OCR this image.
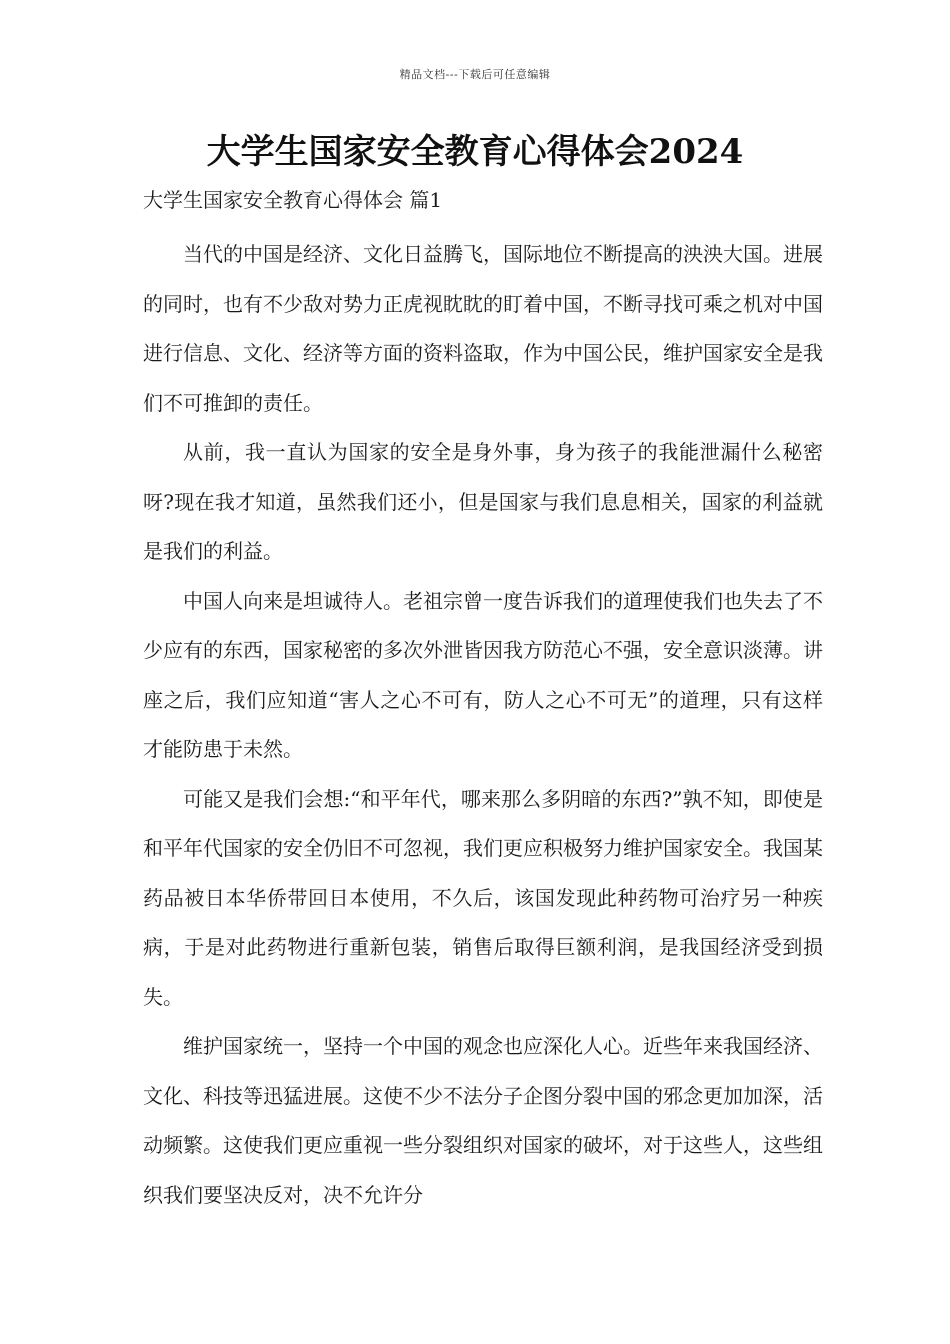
精品文档---下载后可任意编辑
大学生国家安全教育心得体会2024
大学生国家安全教育心得体会 篇1

当代的中国是经济、文化日益腾飞，国际地位不断提高的泱泱大国。进展的同时，也有不少敌对势力正虎视眈眈的盯着中国，不断寻找可乘之机对中国进行信息、文化、经济等方面的资料盗取，作为中国公民，维护国家安全是我们不可推卸的责任。

从前，我一直认为国家的安全是身外事，身为孩子的我能泄漏什么秘密呀?现在我才知道，虽然我们还小，但是国家与我们息息相关，国家的利益就是我们的利益。

中国人向来是坦诚待人。老祖宗曾一度告诉我们的道理使我们也失去了不少应有的东西，国家秘密的多次外泄皆因我方防范心不强，安全意识淡薄。讲座之后，我们应知道“害人之心不可有，防人之心不可无”的道理，只有这样才能防患于未然。

可能又是我们会想:“和平年代，哪来那么多阴暗的东西?”孰不知，即使是和平年代国家的安全仍旧不可忽视，我们更应积极努力维护国家安全。我国某药品被日本华侨带回日本使用，不久后，该国发现此种药物可治疗另一种疾病，于是对此药物进行重新包装，销售后取得巨额利润，是我国经济受到损失。

维护国家统一，坚持一个中国的观念也应深化人心。近些年来我国经济、文化、科技等迅猛进展。这使不少不法分子企图分裂中国的邪念更加加深，活动频繁。这使我们更应重视一些分裂组织对国家的破坏，对于这些人，这些组织我们要坚决反对，决不允许分
